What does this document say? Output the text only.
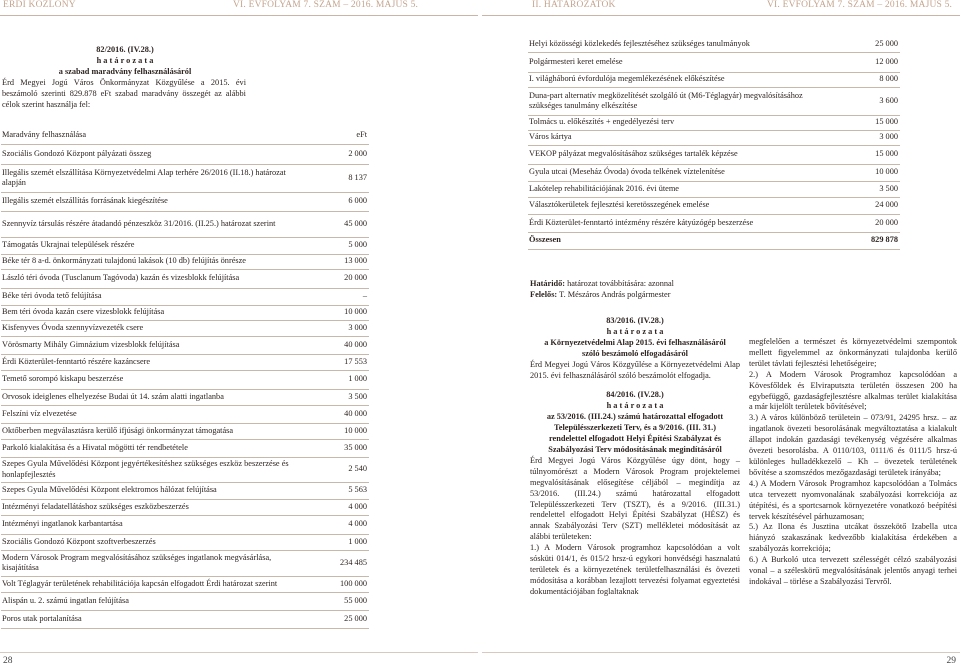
ÉRDI KÖZLÖNY	VI. ÉVFOLYAM 7. SZÁM – 2016. MÁJUS 5.
82/2016. (IV.28.)
h a t á r o z a t a
a szabad maradvány felhasználásáról
Érd Megyei Jogú Város Önkormányzat Közgyűlése a 2015. évi beszámoló szerinti 829.878 eFt szabad maradvány összegét az alábbi célok szerint használja fel:
Maradvány felhasználása	eFt
Szociális Gondozó Központ pályázati összeg	2 000
Illegális szemét elszállítása Környezetvédelmi Alap terhére 26/2016 (II.18.) határozat alapján	8 137
Illegális szemét elszállítás forrásának kiegészítése	6 000
Szennyvíz társulás részére átadandó pénzeszköz 31/2016. (II.25.) határozat szerint	45 000
Támogatás Ukrajnai települések részére	5 000
Béke tér 8 a-d. önkormányzati tulajdonú lakások (10 db) felújítás önrésze	13 000
László téri óvoda (Tusclanum Tagóvoda) kazán és vizesblokk felújítása	20 000
Béke téri óvoda tető felújítása	–
Bem téri óvoda kazán csere vizesblokk felújítása	10 000
Kisfenyves Óvoda szennyvízvezeték csere	3 000
Vörösmarty Mihály Gimnázium vizesblokk felújítása	40 000
Érdi Közterület-fenntartó részére kazáncsere	17 553
Temető sorompó kiskapu beszerzése	1 000
Orvosok ideiglenes elhelyezése Budai út 14. szám alatti ingatlanba	3 500
Felszíni víz elvezetése	40 000
Oktőberben megválasztásra kerülő ifjúsági önkormányzat támogatása	10 000
Parkoló kialakítása és a Hivatal mögötti tér rendbetétele	35 000
Szepes Gyula Művelődési Központ jegyértékesítéshez szükséges eszköz beszerzése és honlapfejlesztés	2 540
Szepes Gyula Művelődési Központ elektromos hálózat felújítása	5 563
Intézményi feladatellátáshoz szükséges eszközbeszerzés	4 000
Intézményi ingatlanok karbantartása	4 000
Szociális Gondozó Központ szoftverbeszerzés	1 000
Modern Városok Program megvalósításához szükséges ingatlanok megvásárlása, kisajátítása	234 485
Volt Téglagyár területének rehabilitációja kapcsán elfogadott Érdi határozat szerint	100 000
Alispán u. 2. számú ingatlan felújítása	55 000
Poros utak portalanítása	25 000
28
II. HATÁROZATOK	VI. ÉVFOLYAM 7. SZÁM – 2016. MÁJUS 5.
Helyi közösségi közlekedés fejlesztéséhez szükséges tanulmányok	25 000
Polgármesteri keret emelése	12 000
I. világháború évfordulója megemlékezésének előkészítése	8 000
Duna-part alternatív megközelítését szolgáló út (M6-Téglagyár) megvalósításához szükséges tanulmány elkészítése	3 600
Tolmács u. előkészítés + engedélyezési terv	15 000
Város kártya	3 000
VEKOP pályázat megvalósításához szükséges tartalék képzése	15 000
Gyula utcai (Meseház Óvoda) óvoda telkének víztelenítése	10 000
Lakótelep rehabilitációjának 2016. évi üteme	3 500
Választókerületek fejlesztési keretösszegének emelése	24 000
Érdi Közterület-fenntartó intézmény részére kátyúzógép beszerzése	20 000
Összesen	829 878
Határidő: határozat továbbítására: azonnal
Felelős: T. Mészáros András polgármester

83/2016. (IV.28.)

h a t á r o z a t a

a Környezetvédelmi Alap 2015. évi felhasználásáról

szóló beszámoló elfogadásáról

Érd Megyei Jogú Város Közgyűlése a Környezetvédelmi Alap 2015. évi felhasználásáról szóló beszámolót elfogadja.

84/2016. (IV.28.)

h a t á r o z a t a

az 53/2016. (III.24.) számú határozattal elfogadott

Településszerkezeti Terv, és a 9/2016. (III. 31.)

rendelettel elfogadott Helyi Építési Szabályzat és

Szabályozási Terv módosításának megindításáról

Érd Megyei Jogú Város Közgyűlése úgy dönt, hogy – túlnyomórészt a Modern Városok Program projektelemei megvalósításának elősegítése céljából – megindítja az 53/2016. (III.24.) számú határozattal elfogadott Településszerkezeti Terv (TSZT), és a 9/2016. (III.31.) rendelettel elfogadott Helyi Építési Szabályzat (HÉSZ) és annak Szabályozási Terv (SZT) mellékletei módosítását az alábbi területeken:

1.) A Modern Városok programhoz kapcsolódóan a volt sósküti 014/1, és 015/2 hrsz-ú egykori honvédségi hasznalatú területek és a környezetének területfelhasználási és övezeti módosítása a korábban lezajlott tervezési folyamat egyeztetési dokumentációjában foglaltaknak

megfelelően a természet és környezetvédelmi szempontok mellett figyelemmel az önkormányzati tulajdonba kerülő terület távlati fejlesztési lehetőségeire;

2.) A Modern Városok Programhoz kapcsolódóan a Kövesfőldek és Elviraputszta területén összesen 200 ha egybefüggő, gazdaságfejlesztésre alkalmas terület kialakítása a már kijelölt területek bővítésével;

3.) A város különböző területein – 073/91, 24295 hrsz. – az ingatlanok övezeti besorolásának megváltoztatása a kialakult állapot indokán gazdasági tevékenység végzésére alkalmas övezeti besorolásba. A 0110/103, 0111/6 és 0111/5 hrsz-ú különleges hulladékkezelő – Kh – övezetek területének bővítése a szomszédos mezőgazdasági területek irányába;

4.) A Modern Városok Programhoz kapcsolódóan a Tolmács utca tervezett nyomvonalának szabályozási korrekciója az útépítési, és a sportcsarnok környezetére vonatkozó beépítési tervek készítésével párhuzamosan;

5.) Az Ilona és Jusztina utcákat összekötő Izabella utca hiányzó szakaszának kedvezőbb kialakítása érdekében a szabályozás korrekciója;

6.) A Burkoló utca tervezett szélességét célzó szabályozási vonal – a széleskörű megvalósításának jelentős anyagi terhei indokával – törlése a Szabályozási Tervről.

29
